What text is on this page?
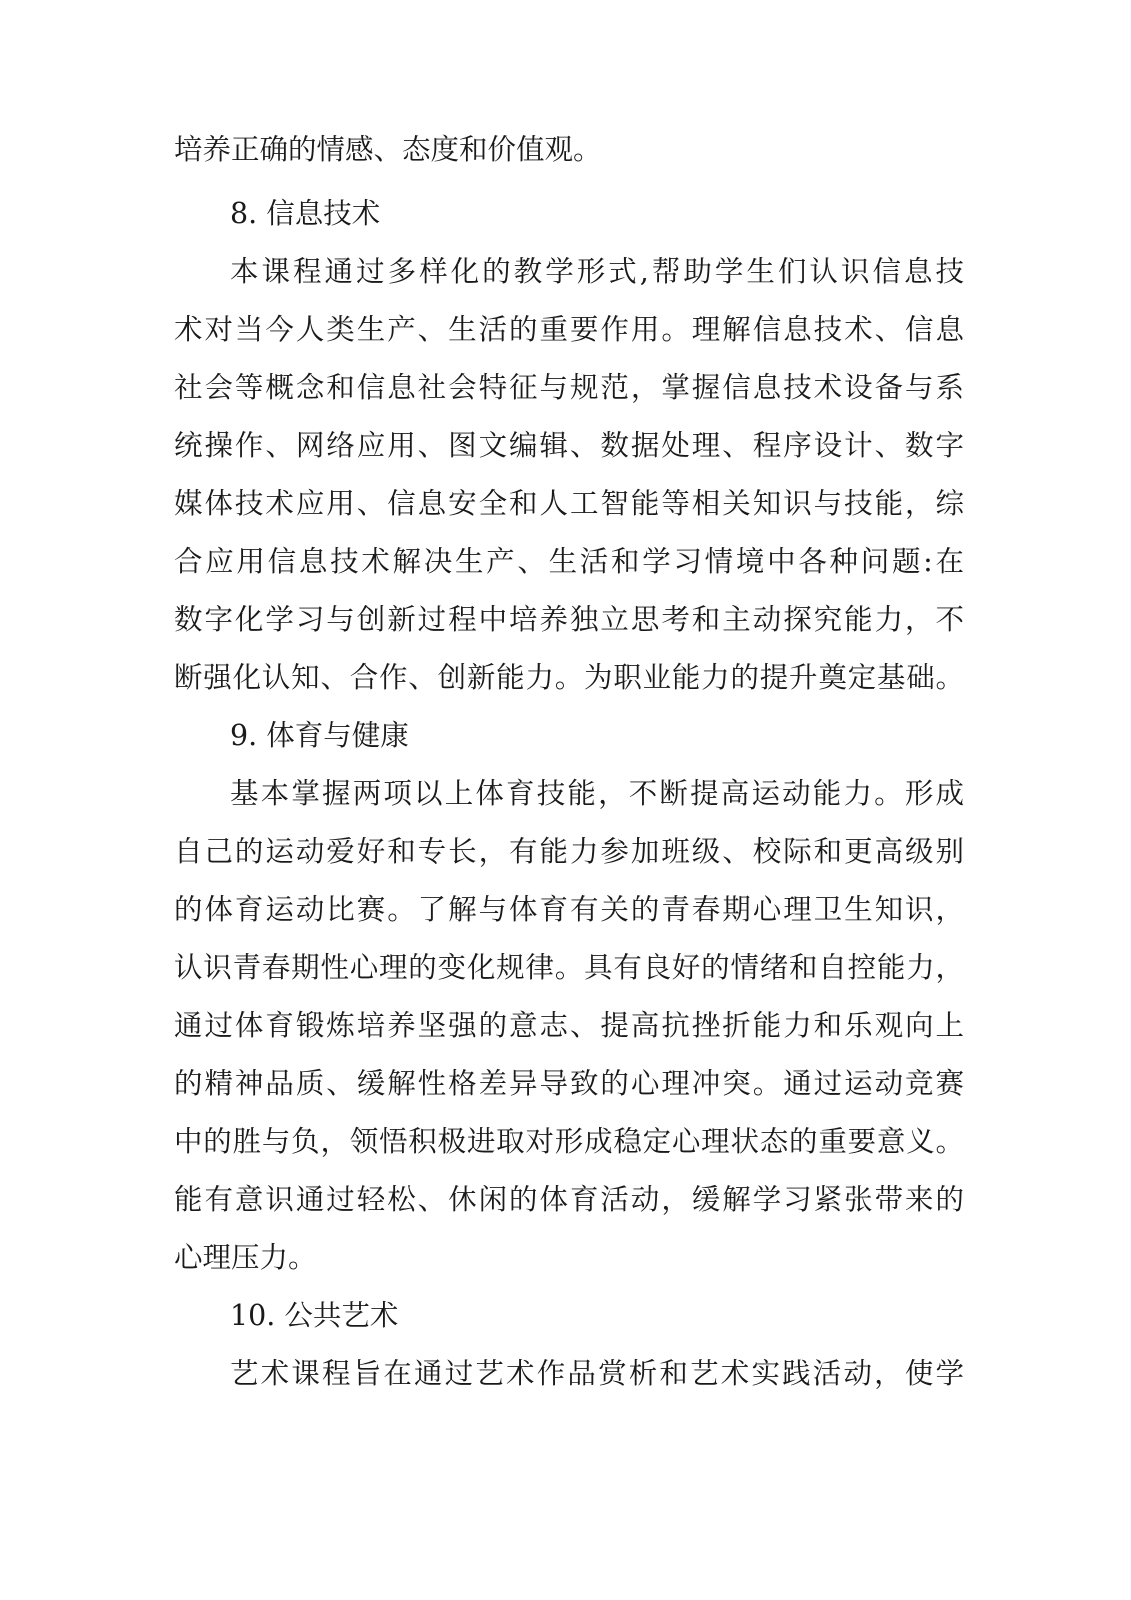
培养正确的情感、态度和价值观。
8. 信息技术
本课程通过多样化的教学形式,帮助学生们认识信息技
术对当今人类生产、生活的重要作用。理解信息技术、信息
社会等概念和信息社会特征与规范，掌握信息技术设备与系
统操作、网络应用、图文编辑、数据处理、程序设计、数字
媒体技术应用、信息安全和人工智能等相关知识与技能，综
合应用信息技术解决生产、生活和学习情境中各种问题:在
数字化学习与创新过程中培养独立思考和主动探究能力，不
断强化认知、合作、创新能力。为职业能力的提升奠定基础。
9. 体育与健康
基本掌握两项以上体育技能，不断提高运动能力。形成
自己的运动爱好和专长，有能力参加班级、校际和更高级别
的体育运动比赛。了解与体育有关的青春期心理卫生知识，
认识青春期性心理的变化规律。具有良好的情绪和自控能力，
通过体育锻炼培养坚强的意志、提高抗挫折能力和乐观向上
的精神品质、缓解性格差异导致的心理冲突。通过运动竞赛
中的胜与负，领悟积极进取对形成稳定心理状态的重要意义。
能有意识通过轻松、休闲的体育活动，缓解学习紧张带来的
心理压力。
10. 公共艺术
艺术课程旨在通过艺术作品赏析和艺术实践活动，使学
